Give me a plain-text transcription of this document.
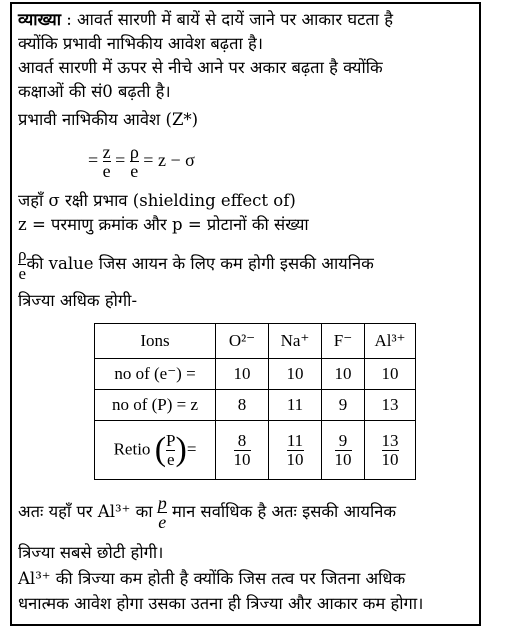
व्याख्या : आवर्त सारणी में बायें से दायें जाने पर आकार घटता है
क्योंकि प्रभावी नाभिकीय आवेश बढ़ता है।
आवर्त सारणी में ऊपर से नीचे आने पर अकार बढ़ता है क्योंकि
कक्षाओं की सं0 बढ़ती है।
प्रभावी नाभिकीय आवेश (Z*)
= $\frac{z}{e} = \frac{\rho}{e} = z - \sigma$
जहाँ σ रक्षी प्रभाव (shielding effect of)
z = परमाणु क्रमांक और p = प्रोटानों की संख्या
$\frac{\rho}{e}$ की value जिस आयन के लिए कम होगी इसकी आयनिक
त्रिज्या अधिक होगी-
Ions	O²⁻	Na⁺	F⁻	Al³⁺
no of (e⁻) =	10	10	10	10
no of (P) = z	8	11	9	13
Retio ( $\frac{P}{e}$ )=	$\frac{8}{10}$	$\frac{11}{10}$	$\frac{9}{10}$	$\frac{13}{10}$
अतः यहाँ पर Al³⁺ का $\frac{p}{e}$ मान सर्वाधिक है अतः इसकी आयनिक
त्रिज्या सबसे छोटी होगी।
Al³⁺ की त्रिज्या कम होती है क्योंकि जिस तत्व पर जितना अधिक
धनात्मक आवेश होगा उसका उतना ही त्रिज्या और आकार कम होगा।
